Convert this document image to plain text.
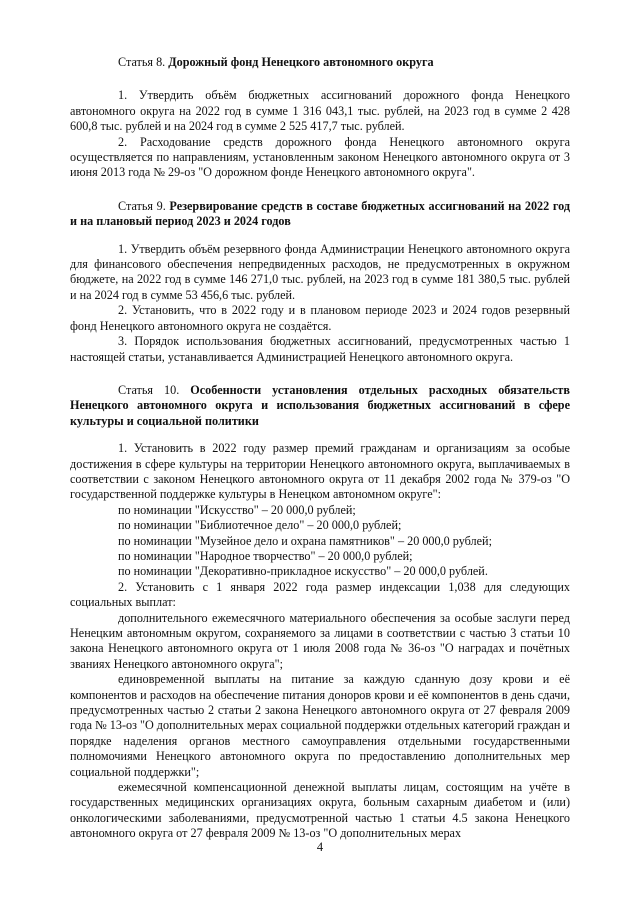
Статья 8. Дорожный фонд Ненецкого автономного округа

1. Утвердить объём бюджетных ассигнований дорожного фонда Ненецкого автономного округа на 2022 год в сумме 1 316 043,1 тыс. рублей, на 2023 год в сумме 2 428 600,8 тыс. рублей и на 2024 год в сумме 2 525 417,7 тыс. рублей.

2. Расходование средств дорожного фонда Ненецкого автономного округа осуществляется по направлениям, установленным законом Ненецкого автономного округа от 3 июня 2013 года № 29-оз "О дорожном фонде Ненецкого автономного округа".

Статья 9. Резервирование средств в составе бюджетных ассигнований на 2022 год и на плановый период 2023 и 2024 годов

1. Утвердить объём резервного фонда Администрации Ненецкого автономного округа для финансового обеспечения непредвиденных расходов, не предусмотренных в окружном бюджете, на 2022 год в сумме 146 271,0 тыс. рублей, на 2023 год в сумме 181 380,5 тыс. рублей и на 2024 год в сумме 53 456,6 тыс. рублей.

2. Установить, что в 2022 году и в плановом периоде 2023 и 2024 годов резервный фонд Ненецкого автономного округа не создаётся.

3. Порядок использования бюджетных ассигнований, предусмотренных частью 1 настоящей статьи, устанавливается Администрацией Ненецкого автономного округа.

Статья 10. Особенности установления отдельных расходных обязательств Ненецкого автономного округа и использования бюджетных ассигнований в сфере культуры и социальной политики

1. Установить в 2022 году размер премий гражданам и организациям за особые достижения в сфере культуры на территории Ненецкого автономного округа, выплачиваемых в соответствии с законом Ненецкого автономного округа от 11 декабря 2002 года № 379-оз "О государственной поддержке культуры в Ненецком автономном округе":

по номинации "Искусство" – 20 000,0 рублей;

по номинации "Библиотечное дело" – 20 000,0 рублей;

по номинации "Музейное дело и охрана памятников" – 20 000,0 рублей;

по номинации "Народное творчество" – 20 000,0 рублей;

по номинации "Декоративно-прикладное искусство" – 20 000,0 рублей.

2. Установить с 1 января 2022 года размер индексации 1,038 для следующих социальных выплат:

дополнительного ежемесячного материального обеспечения за особые заслуги перед Ненецким автономным округом, сохраняемого за лицами в соответствии с частью 3 статьи 10 закона Ненецкого автономного округа от 1 июля 2008 года № 36-оз "О наградах и почётных званиях Ненецкого автономного округа";

единовременной выплаты на питание за каждую сданную дозу крови и её компонентов и расходов на обеспечение питания доноров крови и её компонентов в день сдачи, предусмотренных частью 2 статьи 2 закона Ненецкого автономного округа от 27 февраля 2009 года № 13-оз "О дополнительных мерах социальной поддержки отдельных категорий граждан и порядке наделения органов местного самоуправления отдельными государственными полномочиями Ненецкого автономного округа по предоставлению дополнительных мер социальной поддержки";

ежемесячной компенсационной денежной выплаты лицам, состоящим на учёте в государственных медицинских организациях округа, больным сахарным диабетом и (или) онкологическими заболеваниями, предусмотренной частью 1 статьи 4.5 закона Ненецкого автономного округа от 27 февраля 2009 № 13-оз "О дополнительных мерах

4
